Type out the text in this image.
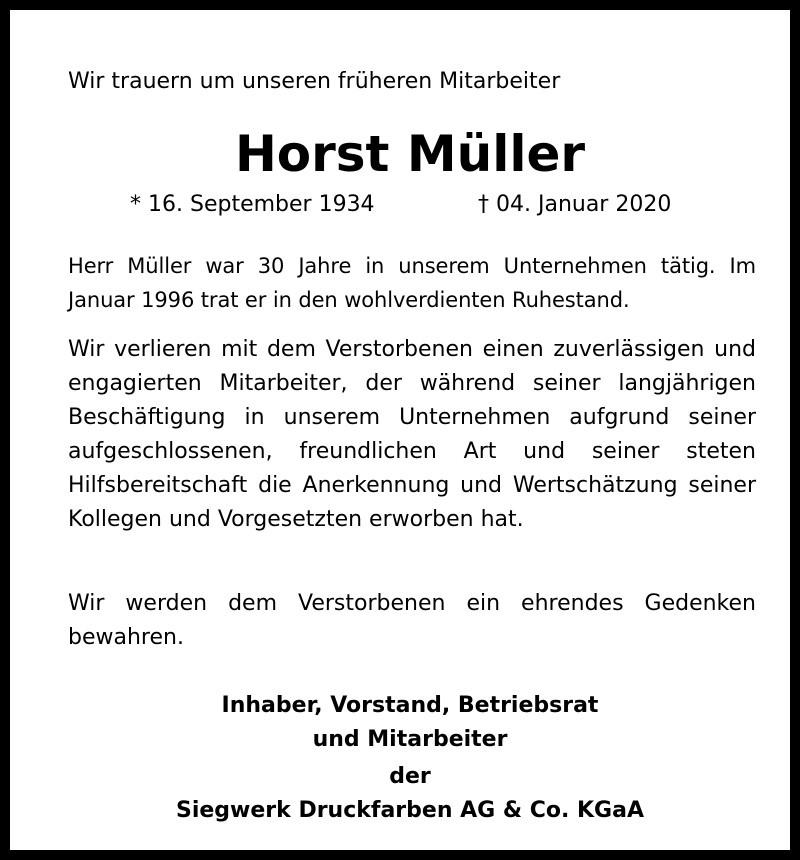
Wir trauern um unseren früheren Mitarbeiter
Horst Müller
* 16. September 1934	† 04. Januar 2020
Herr Müller war 30 Jahre in unserem Unternehmen tätig. Im Januar 1996 trat er in den wohlverdienten Ruhestand.
Wir verlieren mit dem Verstorbenen einen zuverlässigen und engagierten Mitarbeiter, der während seiner langjährigen Beschäftigung in unserem Unternehmen aufgrund seiner aufgeschlossenen, freundlichen Art und seiner steten Hilfsbereitschaft die Anerkennung und Wertschätzung seiner Kollegen und Vorgesetzten erworben hat.
Wir werden dem Verstorbenen ein ehrendes Gedenken bewahren.
Inhaber, Vorstand, Betriebsrat
und Mitarbeiter
der
Siegwerk Druckfarben AG & Co. KGaA
